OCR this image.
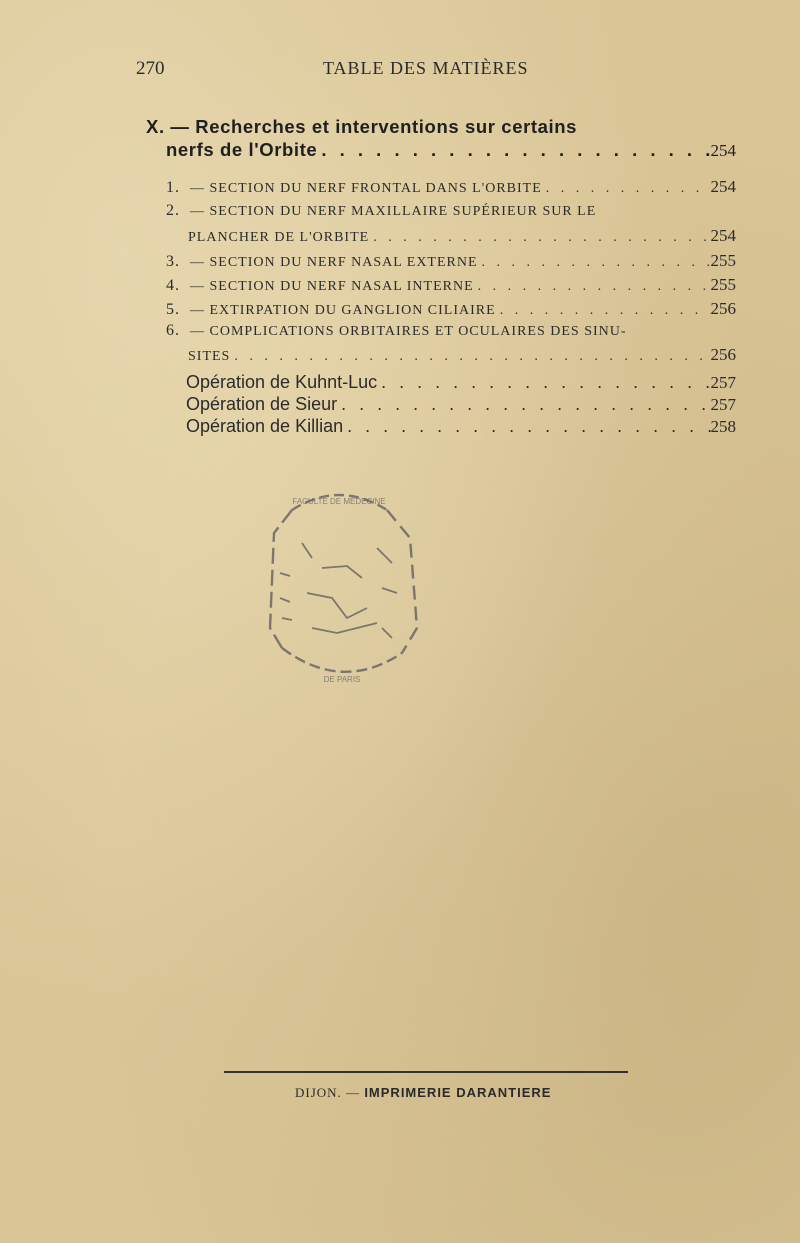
270	TABLE DES MATIÈRES
X. — Recherches et interventions sur certains
nerfs de l'Orbite . . .	254
1. — SECTION DU NERF FRONTAL DANS L'ORBITE . . .	254
2. — SECTION DU NERF MAXILLAIRE SUPÉRIEUR SUR LE
PLANCHER DE L'ORBITE . . .	254
3. — SECTION DU NERF NASAL EXTERNE . . .	255
4. — SECTION DU NERF NASAL INTERNE . . .	255
5. — EXTIRPATION DU GANGLION CILIAIRE . . .	256
6. — COMPLICATIONS ORBITAIRES ET OCULAIRES DES SINU-
SITES . . .	256
Opération de Kuhnt-Luc . . .	257
Opération de Sieur . . .	257
Opération de Killian . . .	258
FACULTÉ DE MÉDECINE
DE PARIS
DIJON. — IMPRIMERIE DARANTIERE
